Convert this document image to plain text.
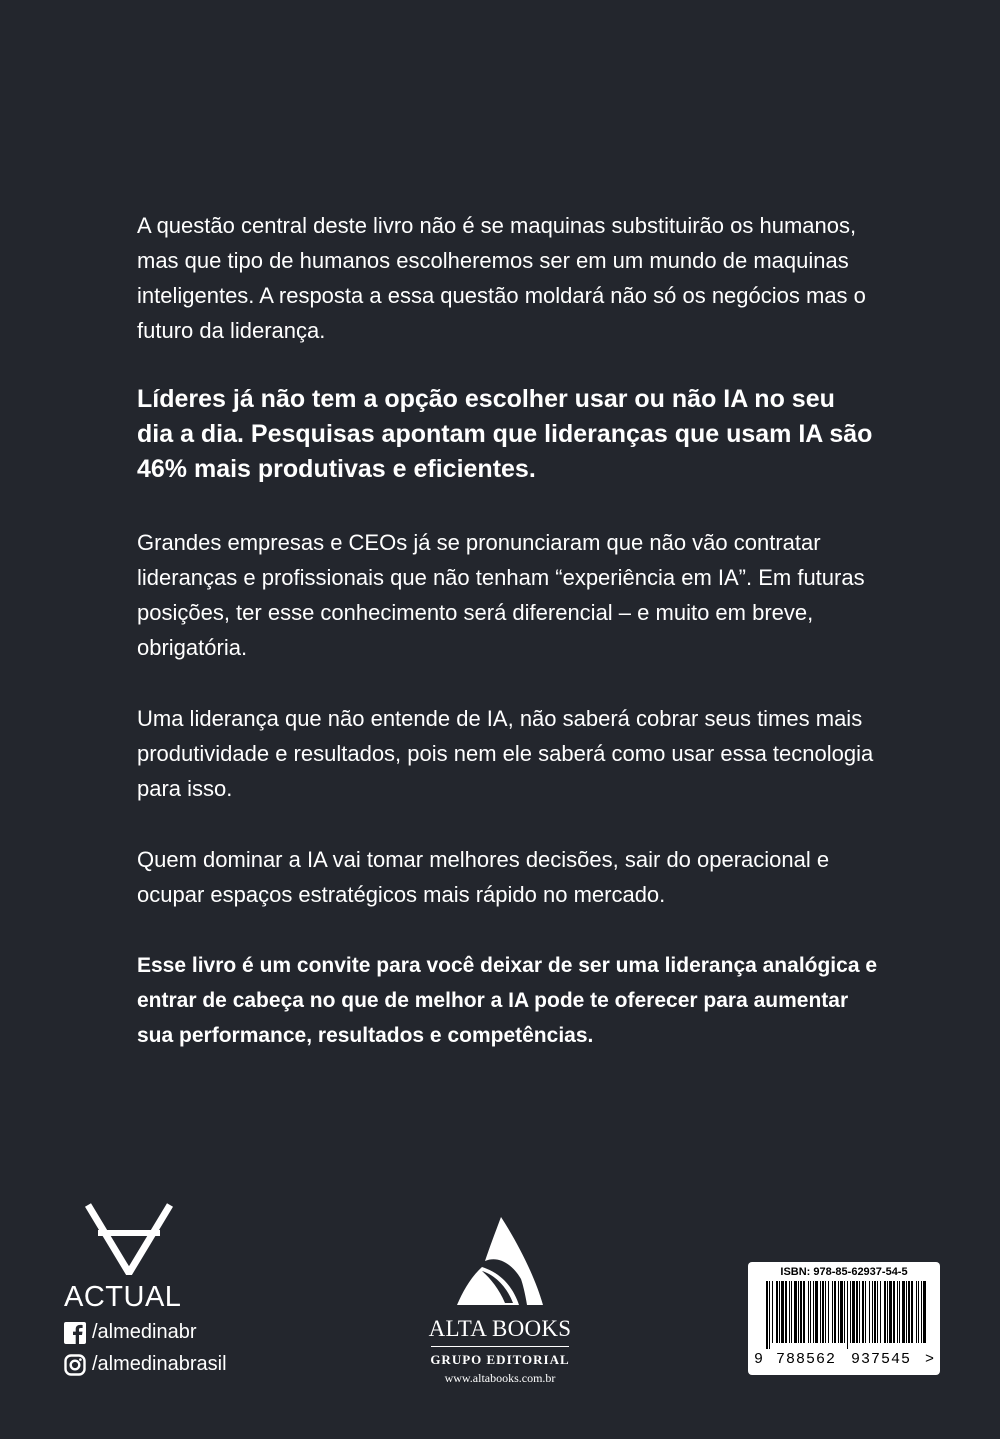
A questão central deste livro não é se maquinas substituirão os humanos, mas que tipo de humanos escolheremos ser em um mundo de maquinas inteligentes. A resposta a essa questão moldará não só os negócios mas o futuro da liderança.

Líderes já não tem a opção escolher usar ou não IA no seu dia a dia. Pesquisas apontam que lideranças que usam IA são 46% mais produtivas e eficientes.

Grandes empresas e CEOs já se pronunciaram que não vão contratar lideranças e profissionais que não tenham “experiência em IA”. Em futuras posições, ter esse conhecimento será diferencial – e muito em breve, obrigatória.

Uma liderança que não entende de IA, não saberá cobrar seus times mais produtividade e resultados, pois nem ele saberá como usar essa tecnologia para isso.

Quem dominar a IA vai tomar melhores decisões, sair do operacional e ocupar espaços estratégicos mais rápido no mercado.

Esse livro é um convite para você deixar de ser uma liderança analógica e entrar de cabeça no que de melhor a IA pode te oferecer para aumentar sua performance, resultados e competências.

ACTUAL
/almedinabr
/almedinabrasil
ALTA BOOKS
GRUPO EDITORIAL
www.altabooks.com.br
ISBN: 978-85-62937-54-5
9 788562 937545 >
